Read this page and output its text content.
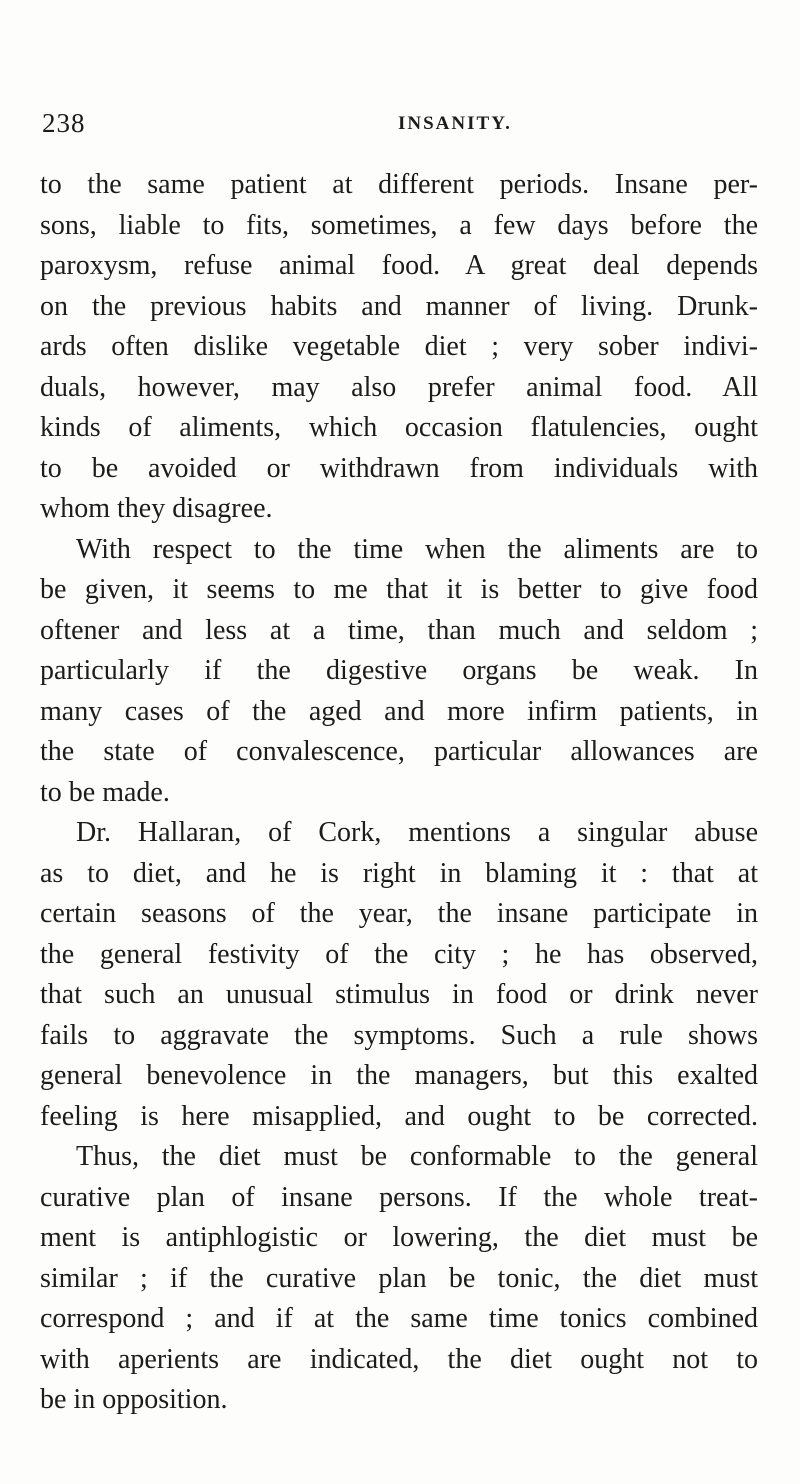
238	INSANITY.
to the same patient at different periods. Insane per-
sons, liable to fits, sometimes, a few days before the
paroxysm, refuse animal food. A great deal depends
on the previous habits and manner of living. Drunk-
ards often dislike vegetable diet ; very sober indivi-
duals, however, may also prefer animal food. All
kinds of aliments, which occasion flatulencies, ought
to be avoided or withdrawn from individuals with
whom they disagree.
With respect to the time when the aliments are to
be given, it seems to me that it is better to give food
oftener and less at a time, than much and seldom ;
particularly if the digestive organs be weak. In
many cases of the aged and more infirm patients, in
the state of convalescence, particular allowances are
to be made.
Dr. Hallaran, of Cork, mentions a singular abuse
as to diet, and he is right in blaming it : that at
certain seasons of the year, the insane participate in
the general festivity of the city ; he has observed,
that such an unusual stimulus in food or drink never
fails to aggravate the symptoms. Such a rule shows
general benevolence in the managers, but this exalted
feeling is here misapplied, and ought to be corrected.
Thus, the diet must be conformable to the general
curative plan of insane persons. If the whole treat-
ment is antiphlogistic or lowering, the diet must be
similar ; if the curative plan be tonic, the diet must
correspond ; and if at the same time tonics combined
with aperients are indicated, the diet ought not to
be in opposition.
